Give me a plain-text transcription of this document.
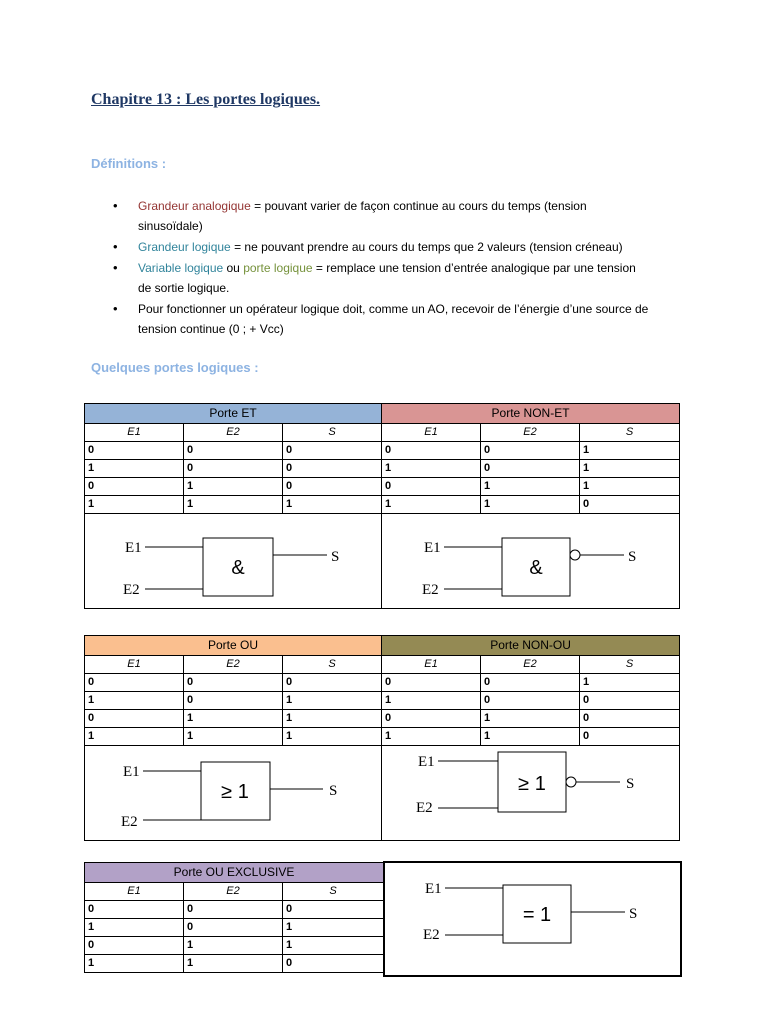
Chapitre 13 : Les portes logiques.
Définitions :
• Grandeur analogique = pouvant varier de façon continue au cours du temps (tension sinusoïdale)
• Grandeur logique = ne pouvant prendre au cours du temps que 2 valeurs (tension créneau)
• Variable logique ou porte logique = remplace une tension d’entrée analogique par une tension de sortie logique.
• Pour fonctionner un opérateur logique doit, comme un AO, recevoir de l’énergie d’une source de tension continue (0 ; + Vcc)
Quelques portes logiques :
Porte ET			Porte NON-ET		
E1	E2	S	E1	E2	S
0	0	0	0	0	1
1	0	0	1	0	1
0	1	0	0	1	1
1	1	1	1	1	0

E1
E2
& S			E1
E2
& S		
Porte OU			Porte NON-OU		
E1	E2	S	E1	E2	S
0	0	0	0	0	1
1	0	1	1	0	0
0	1	1	0	1	0
1	1	1	1	1	0

E1
E2
≥ 1 S			E1
E2
≥ 1 S		
Porte OU EXCLUSIVE		
E1	E2	S
0	0	0
1	0	1
0	1	1
1	1	0
E1
E2
= 1	S
